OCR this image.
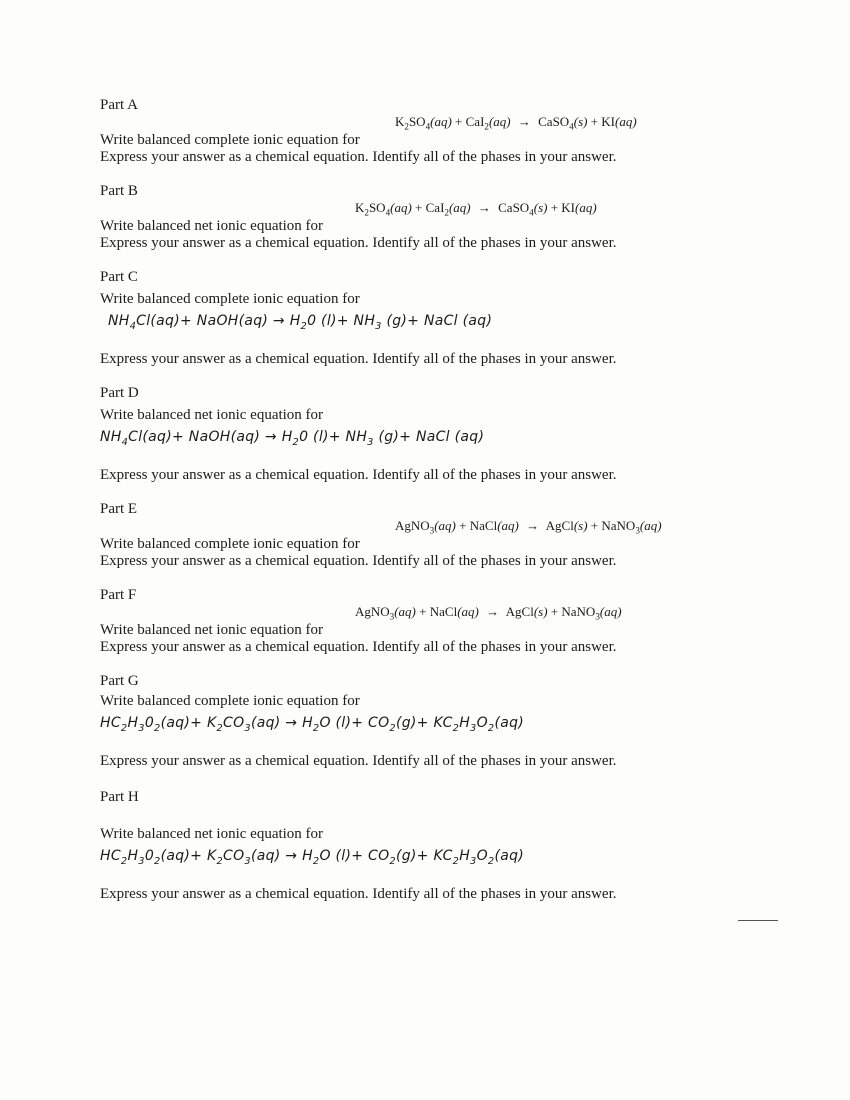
Part A
Write balanced complete ionic equation for
$K_2SO_4(aq) + CaI_2(aq)$ → CaSO$_4$(s) + KI(aq)
Express your answer as a chemical equation. Identify all of the phases in your answer.
Part B
Write balanced net ionic equation for
$K_2SO_4(aq) + CaI_2(aq)$ → CaSO$_4$(s) + KI(aq)
Express your answer as a chemical equation. Identify all of the phases in your answer.
Part C
Write balanced complete ionic equation for
$NH_4Cl(aq)+$ NaOH(aq) → $H_20$ $(l)+ NH_3$ (g)+ NaCl (aq)
Express your answer as a chemical equation. Identify all of the phases in your answer.
Part D
Write balanced net ionic equation for
$NH_4Cl(aq)+$ NaOH(aq) → $H_20$ $(l)+ NH_3$ (g)+ NaCl (aq)
Express your answer as a chemical equation. Identify all of the phases in your answer.
Part E
Write balanced complete ionic equation for
AgNO$_3$(aq) + NaCl(aq) → AgCl(s) + NaNO$_3$(aq)
Express your answer as a chemical equation. Identify all of the phases in your answer.
Part F
Write balanced net ionic equation for
AgNO$_3$(aq) + NaCl(aq) → AgCl(s) + NaNO$_3$(aq)
Express your answer as a chemical equation. Identify all of the phases in your answer.
Part G
Write balanced complete ionic equation for
$HC_2H_30_2(aq)+ K_2CO_3(aq) \to H_2O$ $(l)+ CO_2(g)+ KC_2H_3O_2(aq)$
Express your answer as a chemical equation. Identify all of the phases in your answer.
Part H
Write balanced net ionic equation for
$HC_2H_30_2(aq)+ K_2CO_3(aq) \to H_2O$ $(l)+ CO_2(g)+ KC_2H_3O_2(aq)$
Express your answer as a chemical equation. Identify all of the phases in your answer.
